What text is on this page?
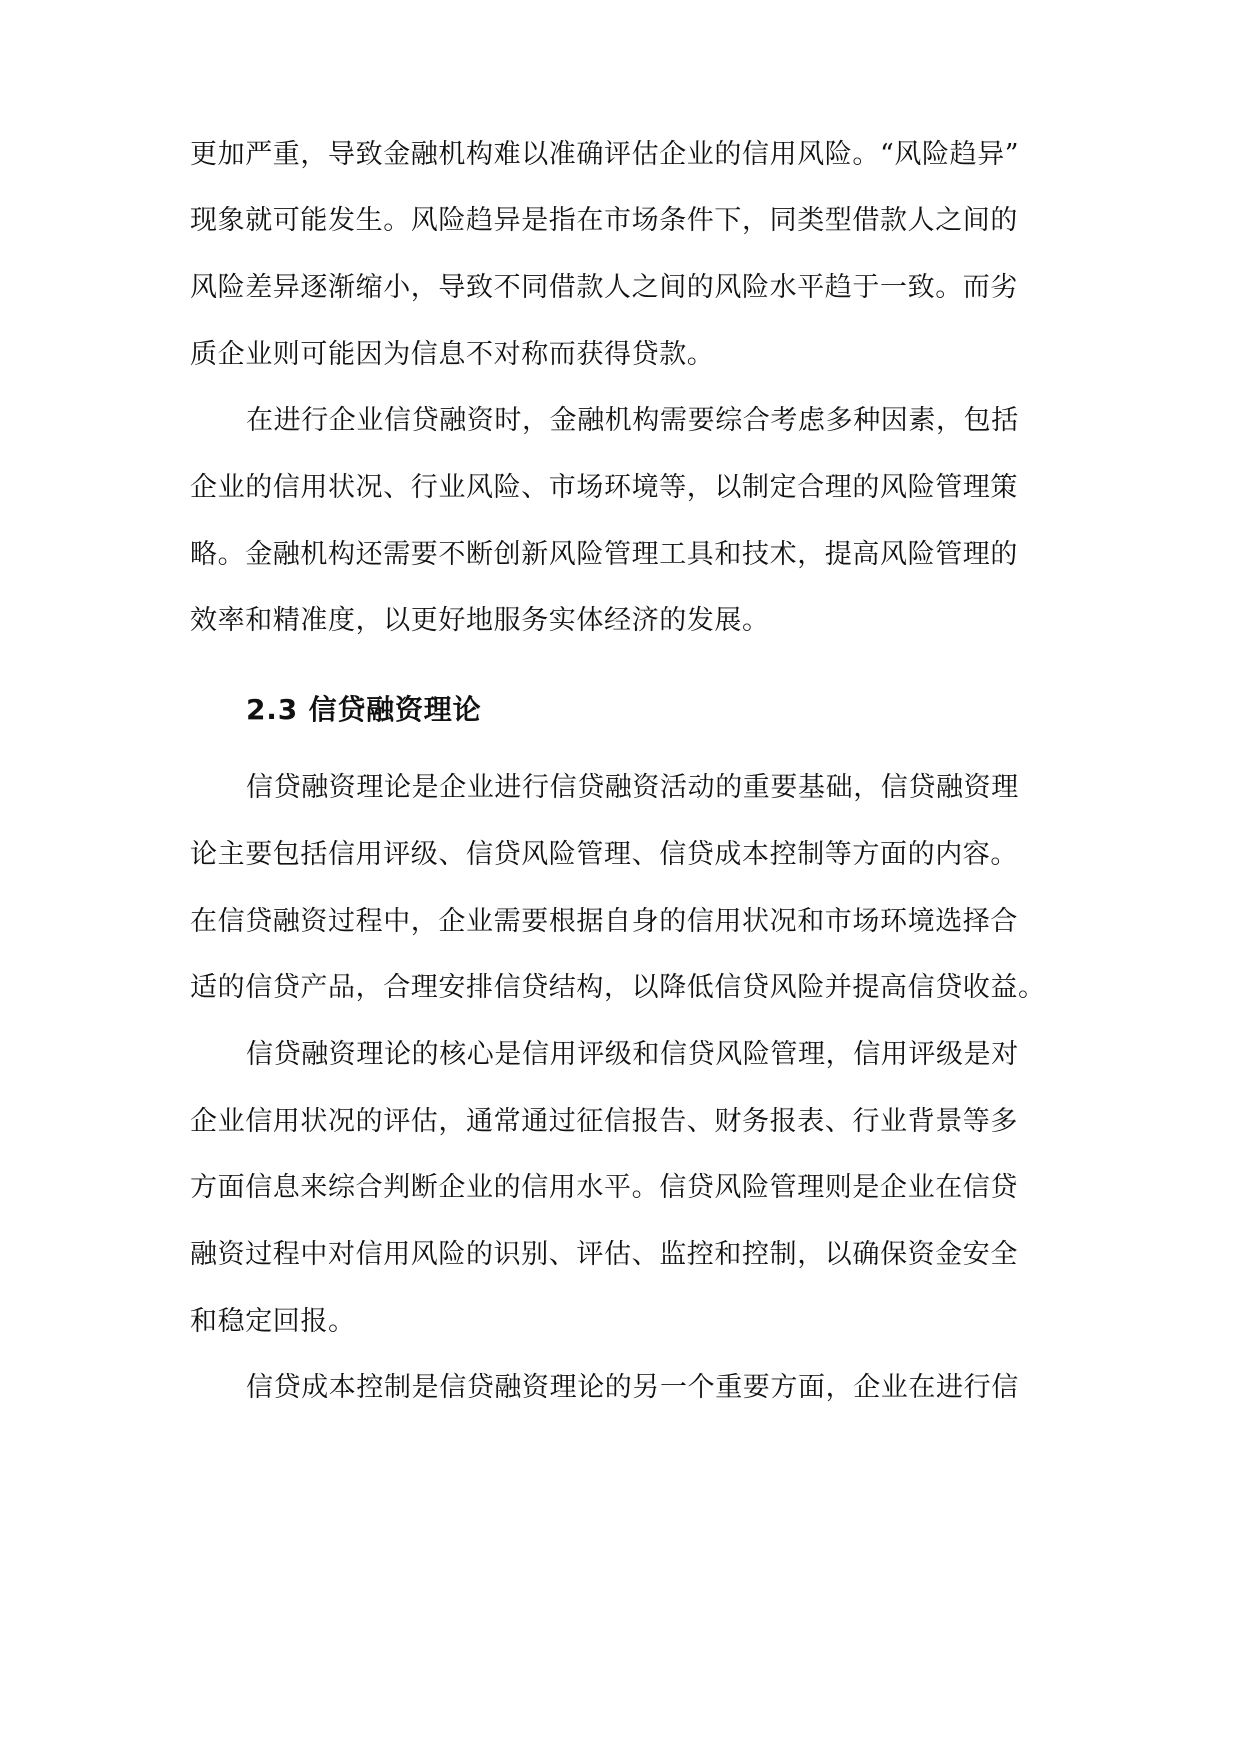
更加严重，导致金融机构难以准确评估企业的信用风险。“风险趋异”
现象就可能发生。风险趋异是指在市场条件下，同类型借款人之间的
风险差异逐渐缩小，导致不同借款人之间的风险水平趋于一致。而劣
质企业则可能因为信息不对称而获得贷款。
在进行企业信贷融资时，金融机构需要综合考虑多种因素，包括
企业的信用状况、行业风险、市场环境等，以制定合理的风险管理策
略。金融机构还需要不断创新风险管理工具和技术，提高风险管理的
效率和精准度，以更好地服务实体经济的发展。
2.3 信贷融资理论
信贷融资理论是企业进行信贷融资活动的重要基础，信贷融资理
论主要包括信用评级、信贷风险管理、信贷成本控制等方面的内容。
在信贷融资过程中，企业需要根据自身的信用状况和市场环境选择合
适的信贷产品，合理安排信贷结构，以降低信贷风险并提高信贷收益。
信贷融资理论的核心是信用评级和信贷风险管理，信用评级是对
企业信用状况的评估，通常通过征信报告、财务报表、行业背景等多
方面信息来综合判断企业的信用水平。信贷风险管理则是企业在信贷
融资过程中对信用风险的识别、评估、监控和控制，以确保资金安全
和稳定回报。
信贷成本控制是信贷融资理论的另一个重要方面，企业在进行信
